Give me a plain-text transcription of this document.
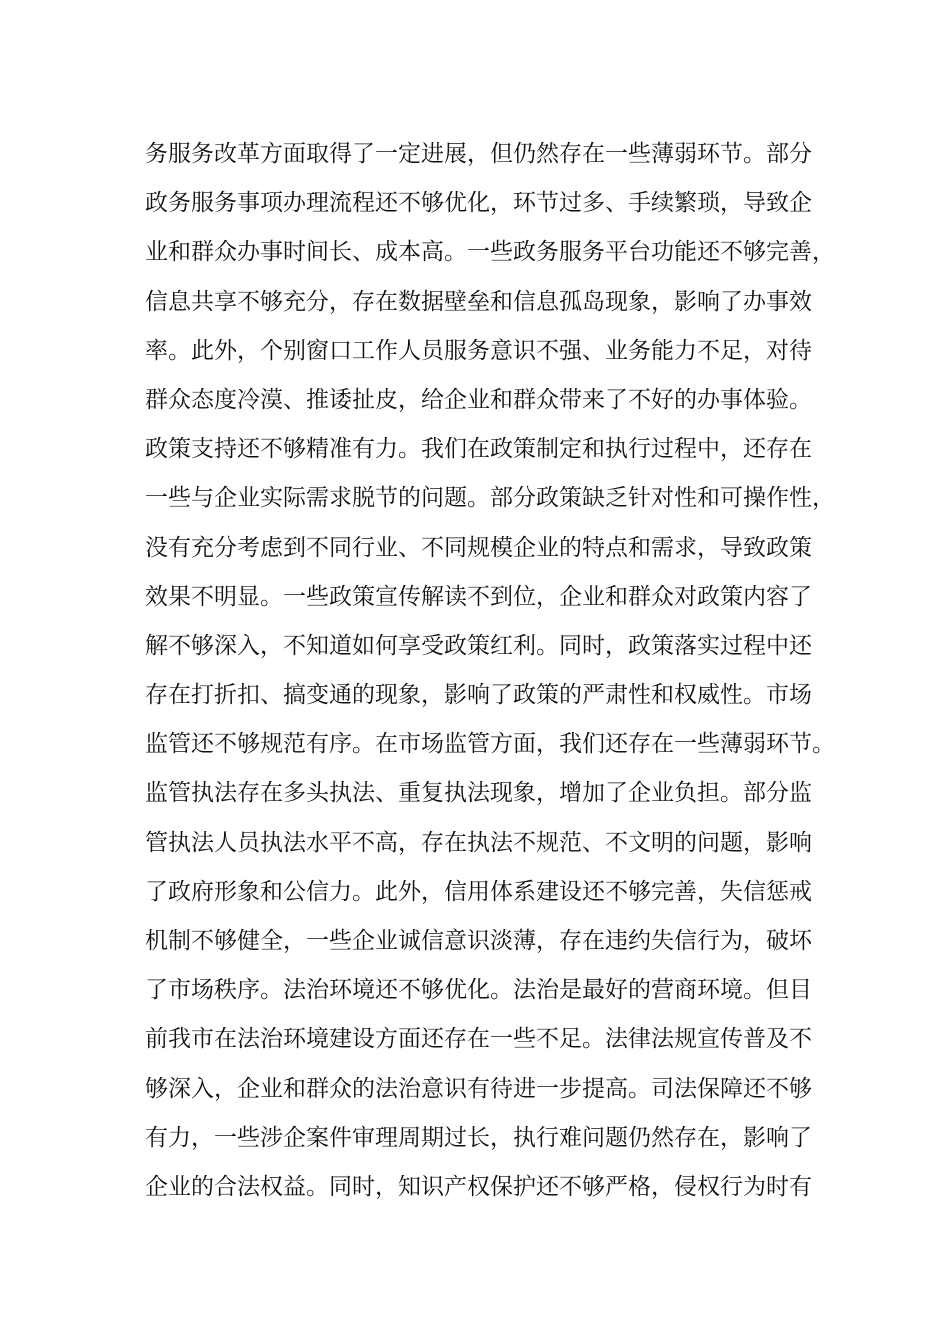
务服务改革方面取得了一定进展，但仍然存在一些薄弱环节。部分
政务服务事项办理流程还不够优化，环节过多、手续繁琐，导致企
业和群众办事时间长、成本高。一些政务服务平台功能还不够完善，
信息共享不够充分，存在数据壁垒和信息孤岛现象，影响了办事效
率。此外，个别窗口工作人员服务意识不强、业务能力不足，对待
群众态度冷漠、推诿扯皮，给企业和群众带来了不好的办事体验。
政策支持还不够精准有力。我们在政策制定和执行过程中，还存在
一些与企业实际需求脱节的问题。部分政策缺乏针对性和可操作性，
没有充分考虑到不同行业、不同规模企业的特点和需求，导致政策
效果不明显。一些政策宣传解读不到位，企业和群众对政策内容了
解不够深入，不知道如何享受政策红利。同时，政策落实过程中还
存在打折扣、搞变通的现象，影响了政策的严肃性和权威性。市场
监管还不够规范有序。在市场监管方面，我们还存在一些薄弱环节。
监管执法存在多头执法、重复执法现象，增加了企业负担。部分监
管执法人员执法水平不高，存在执法不规范、不文明的问题，影响
了政府形象和公信力。此外，信用体系建设还不够完善，失信惩戒
机制不够健全，一些企业诚信意识淡薄，存在违约失信行为，破坏
了市场秩序。法治环境还不够优化。法治是最好的营商环境。但目
前我市在法治环境建设方面还存在一些不足。法律法规宣传普及不
够深入，企业和群众的法治意识有待进一步提高。司法保障还不够
有力，一些涉企案件审理周期过长，执行难问题仍然存在，影响了
企业的合法权益。同时，知识产权保护还不够严格，侵权行为时有
